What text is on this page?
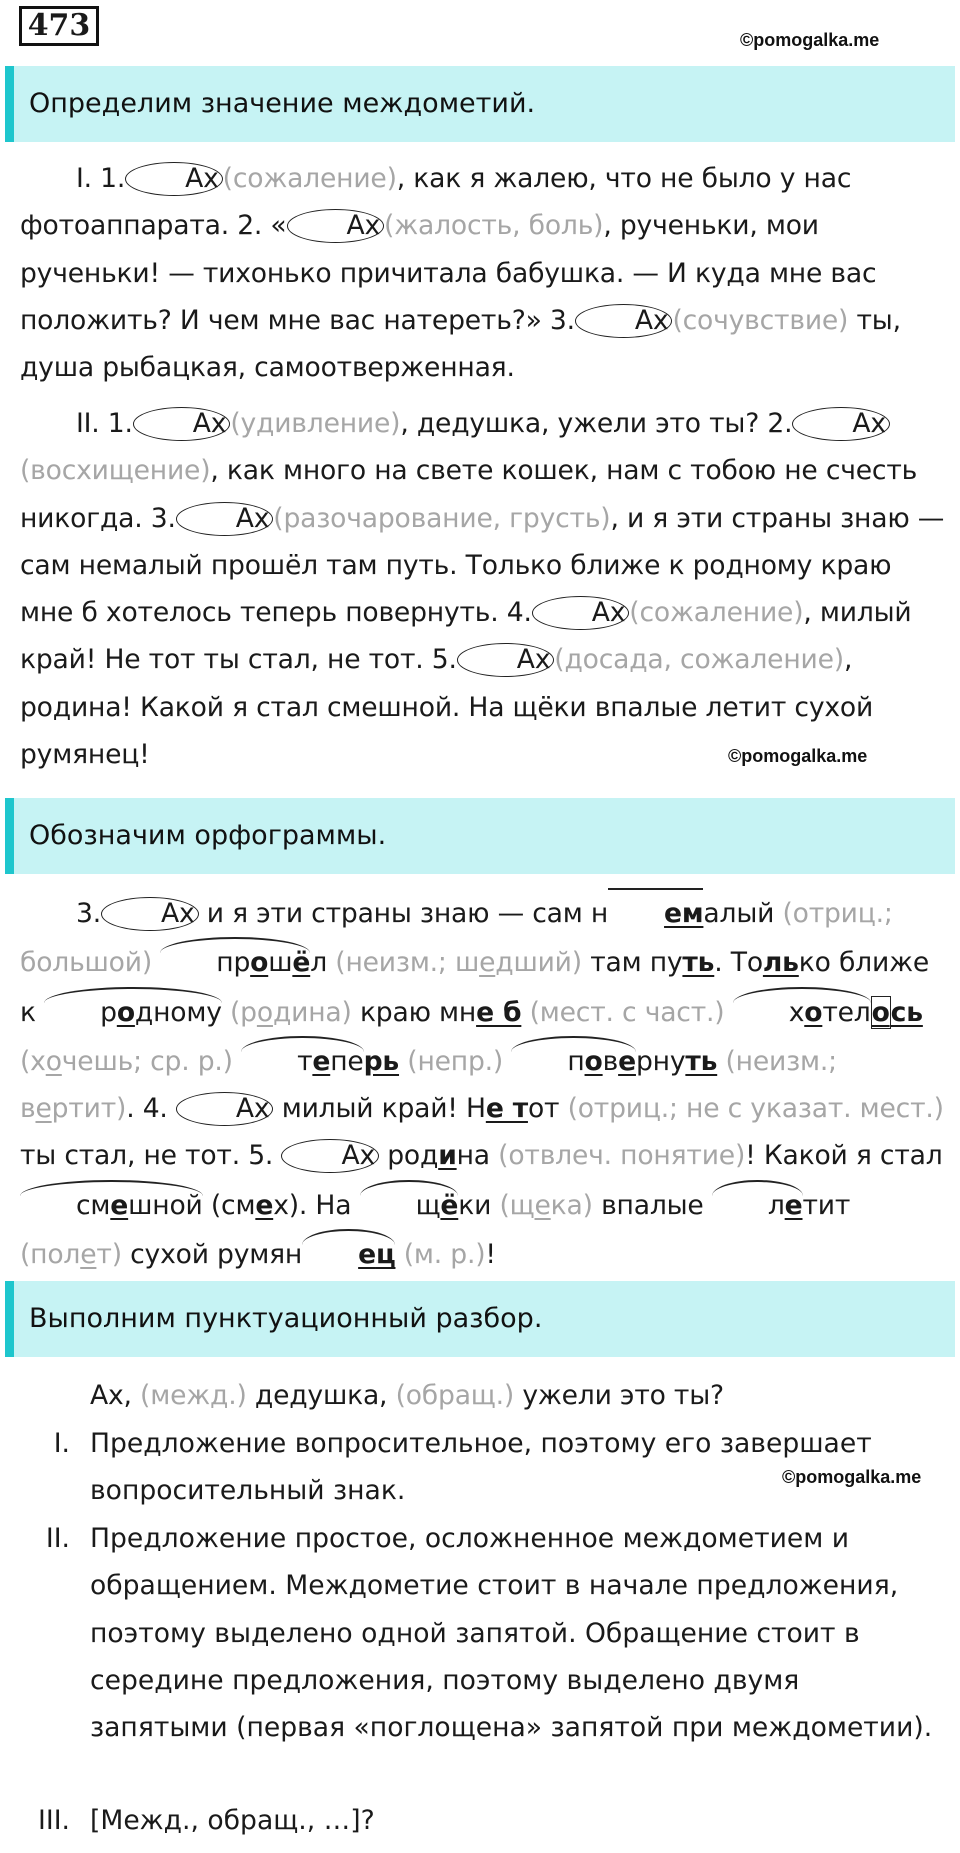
473	©pomogalka.me
Определим значение междометий.

I. 1. Ах (сожаление), как я жалею, что не было у нас фотоаппарата. 2. « Ах (жалость, боль), рученьки, мои рученьки! — тихонько причитала бабушка. — И куда мне вас положить? И чем мне вас натереть?» 3. Ах (сочувствие) ты, душа рыбацкая, самоотверженная.

II. 1. Ах (удивление), дедушка, ужели это ты? 2. Ах(восхищение), как много на свете кошек, нам с тобою не счесть никогда. 3. Ах (разочарование, грусть), и я эти страны знаю — сам немалый прошёл там путь. Только ближе к родному краю мне б хотелось теперь повернуть. 4. Ах (сожаление), милый край! Не тот ты стал, не тот. 5. Ах (досада, сожаление), родина! Какой я стал смешной. На щёки впалые летит сухой румянец!	©pomogalka.me
Обозначим орфограммы.

3. Ах и я эти страны знаю — сам н емалый (отриц.; большой) прошёл (неизм.; шедший) там путь. Только ближе к родному (родина) краю мне б (мест. с част.) хотелось (хочешь; ср. р.) теперь (непр.) повернуть (неизм.; вертит). 4. Ах милый край! Не тот (отриц.; не с указат. мест.) ты стал, не тот. 5. Ах родина (отвлеч. понятие)! Какой я стал смешной (смех). На щёки (щека) впалые летит (полет) сухой румян ец (м. р.)!

Выполним пунктуационный разбор.

Ах, (межд.) дедушка, (обращ.) ужели это ты?

I. Предложение вопросительное, поэтому его завершает вопросительный знак.	©pomogalka.me
II. Предложение простое, осложненное междометием и обращением. Междометие стоит в начале предложения, поэтому выделено одной запятой. Обращение стоит в середине предложения, поэтому выделено двумя запятыми (первая «поглощена» запятой при междометии).
III. [Межд., обращ., …]?
